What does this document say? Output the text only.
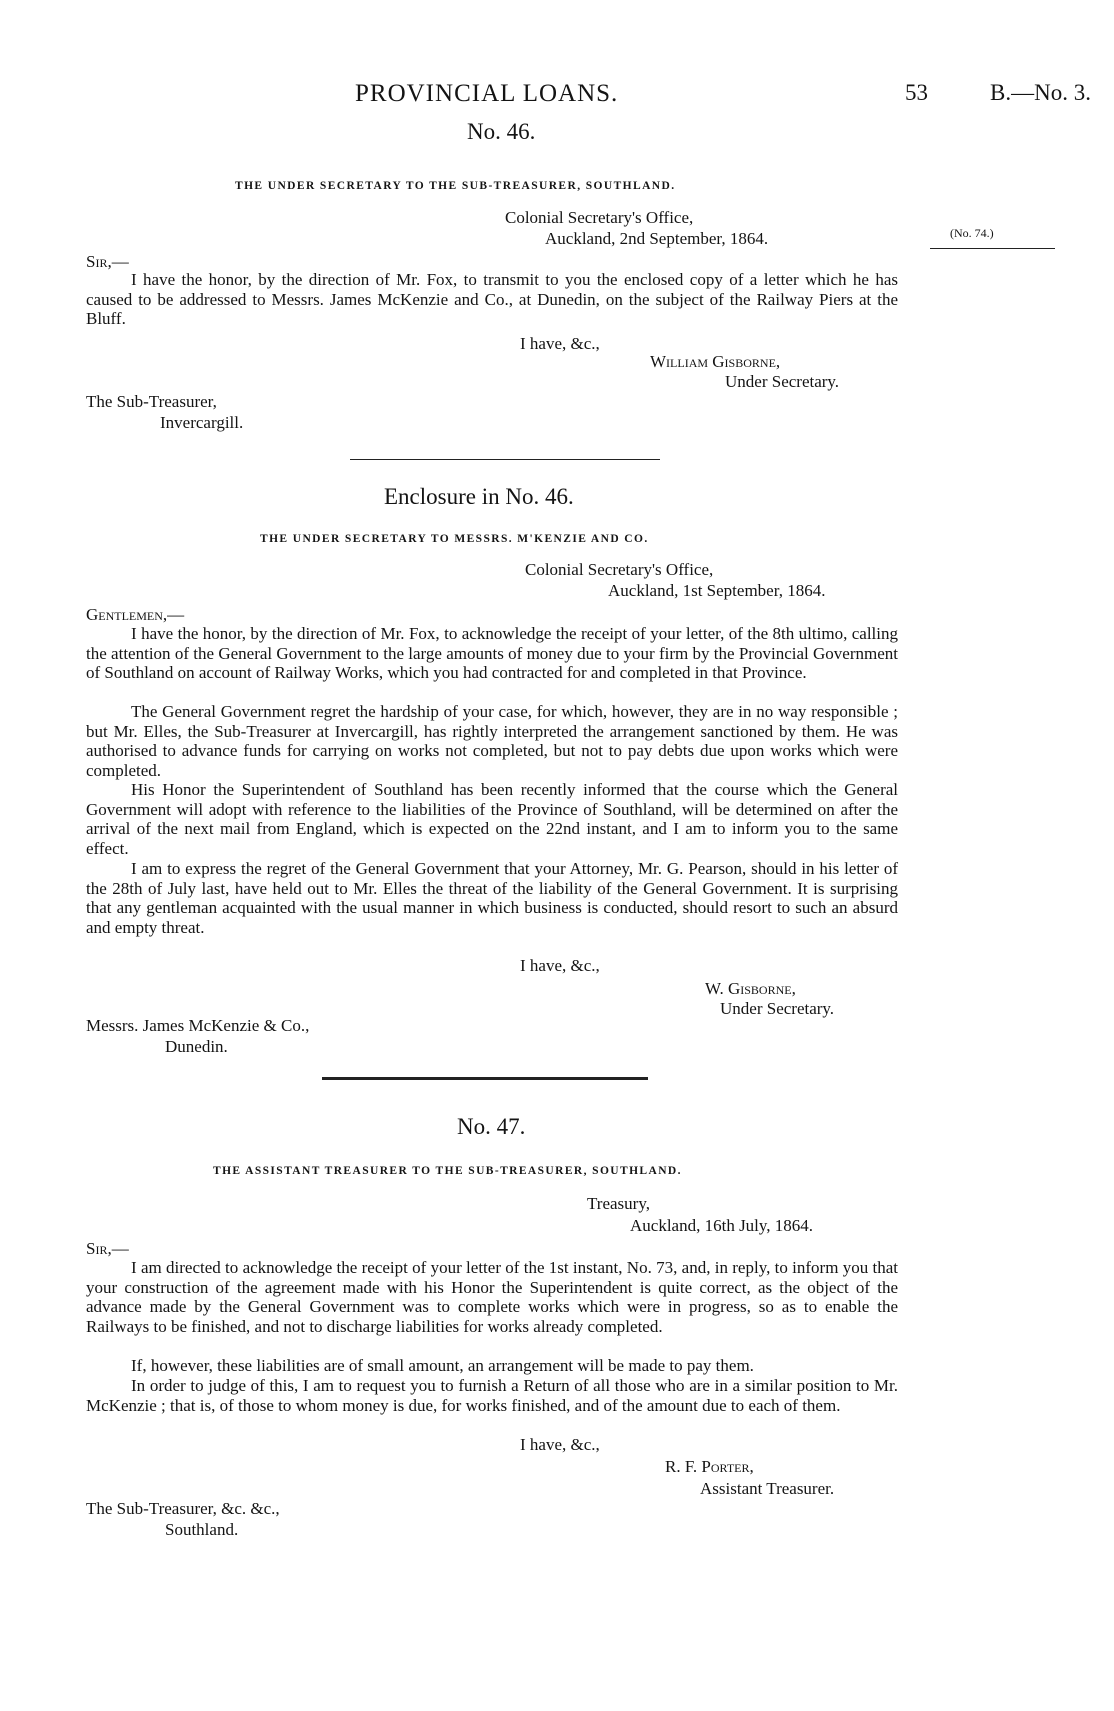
PROVINCIAL LOANS.	53	B.—No. 3.
(No. 74.)
No. 46.
THE UNDER SECRETARY TO THE SUB-TREASURER, SOUTHLAND.
Colonial Secretary's Office,
Auckland, 2nd September, 1864.
Sir,—
I have the honor, by the direction of Mr. Fox, to transmit to you the enclosed copy of a letter which he has caused to be addressed to Messrs. James McKenzie and Co., at Dunedin, on the subject of the Railway Piers at the Bluff.
I have, &c.,
William Gisborne,
Under Secretary.
The Sub-Treasurer,
Invercargill.
Enclosure in No. 46.
THE UNDER SECRETARY TO MESSRS. M'KENZIE AND CO.
Colonial Secretary's Office,
Auckland, 1st September, 1864.
Gentlemen,—
I have the honor, by the direction of Mr. Fox, to acknowledge the receipt of your letter, of the 8th ultimo, calling the attention of the General Government to the large amounts of money due to your firm by the Provincial Government of Southland on account of Railway Works, which you had contracted for and completed in that Province.
The General Government regret the hardship of your case, for which, however, they are in no way responsible ; but Mr. Elles, the Sub-Treasurer at Invercargill, has rightly interpreted the arrangement sanctioned by them. He was authorised to advance funds for carrying on works not completed, but not to pay debts due upon works which were completed.
His Honor the Superintendent of Southland has been recently informed that the course which the General Government will adopt with reference to the liabilities of the Province of Southland, will be determined on after the arrival of the next mail from England, which is expected on the 22nd instant, and I am to inform you to the same effect.
I am to express the regret of the General Government that your Attorney, Mr. G. Pearson, should in his letter of the 28th of July last, have held out to Mr. Elles the threat of the liability of the General Government. It is surprising that any gentleman acquainted with the usual manner in which business is conducted, should resort to such an absurd and empty threat.
I have, &c.,
W. Gisborne,
Under Secretary.
Messrs. James McKenzie & Co.,
Dunedin.
No. 47.
THE ASSISTANT TREASURER TO THE SUB-TREASURER, SOUTHLAND.
Treasury,
Auckland, 16th July, 1864.
Sir,—
I am directed to acknowledge the receipt of your letter of the 1st instant, No. 73, and, in reply, to inform you that your construction of the agreement made with his Honor the Superintendent is quite correct, as the object of the advance made by the General Government was to complete works which were in progress, so as to enable the Railways to be finished, and not to discharge liabilities for works already completed.
If, however, these liabilities are of small amount, an arrangement will be made to pay them.
In order to judge of this, I am to request you to furnish a Return of all those who are in a similar position to Mr. McKenzie ; that is, of those to whom money is due, for works finished, and of the amount due to each of them.
I have, &c.,
R. F. Porter,
Assistant Treasurer.
The Sub-Treasurer, &c. &c.,
Southland.
